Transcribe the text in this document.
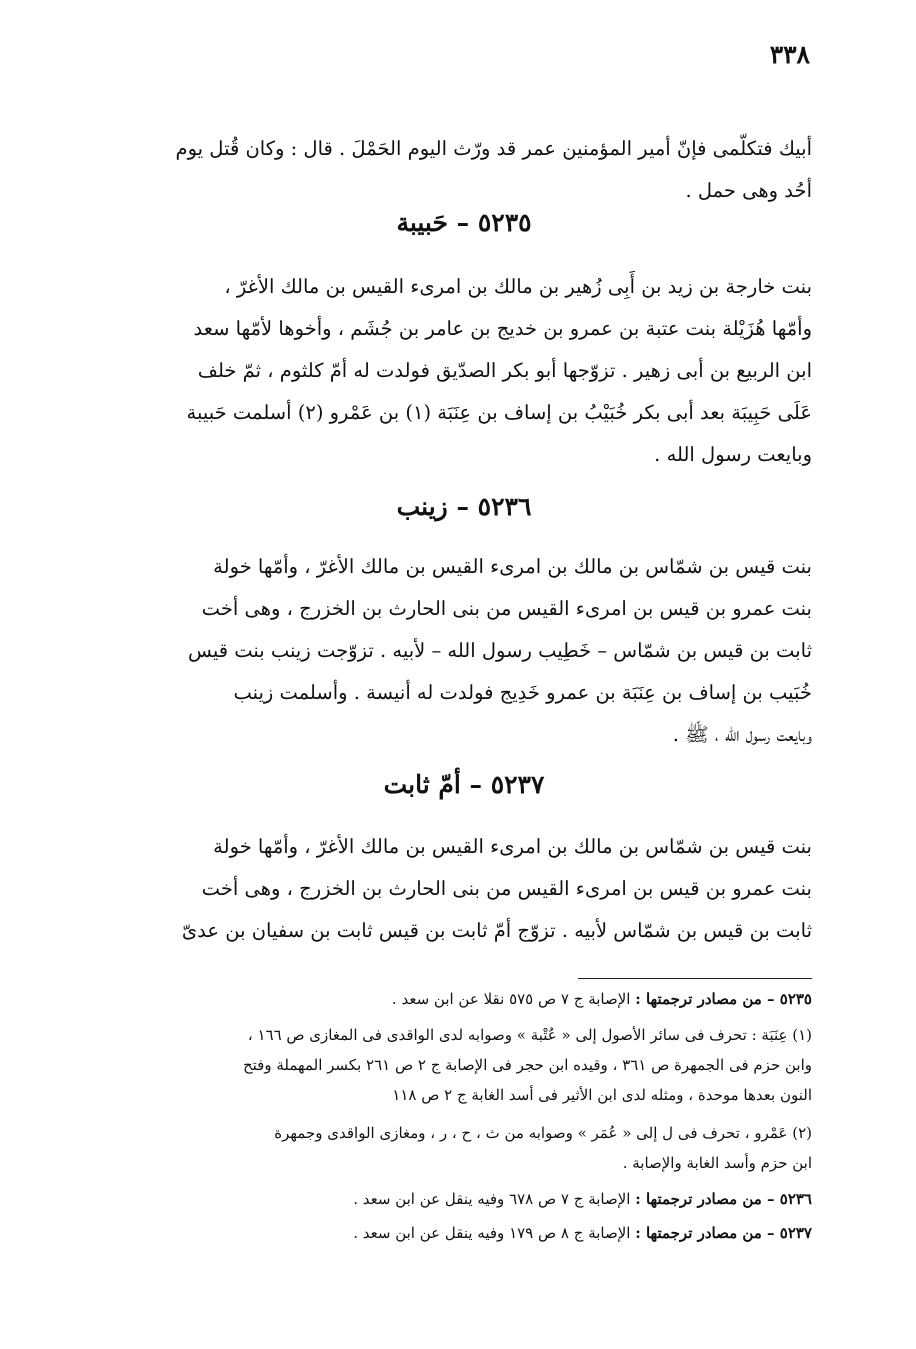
٣٣٨

أبيك فتكلّمى فإنّ أمير المؤمنين عمر قد ورّث اليوم الحَمْلَ . قال : وكان قُتل يوم
أحُد وهى حمل .

٥٢٣٥ – حَبيبة

بنت خارجة بن زيد بن أَبِى زُهير بن مالك بن امرىء القيس بن مالك الأغرّ ،
وأمّها هُزَيْلة بنت عتبة بن عمرو بن خديج بن عامر بن جُشَم ، وأخوها لأمّها سعد
ابن الربيع بن أبى زهير . تزوّجها أبو بكر الصدّيق فولدت له أمّ كلثوم ، ثمّ خلف
عَلَى حَبِيبَة بعد أبى بكر خُبَيْبُ بن إساف بن عِنَبَة (١) بن عَمْرو (٢) أسلمت حَبيبة
وبايعت رسول الله .

٥٢٣٦ – زينب

بنت قيس بن شمّاس بن مالك بن امرىء القيس بن مالك الأغرّ ، وأمّها خولة
بنت عمرو بن قيس بن امرىء القيس من بنى الحارث بن الخزرج ، وهى أخت
ثابت بن قيس بن شمّاس – خَطِيب رسول الله – لأبيه . تزوّجت زينب بنت قيس
خُبَيب بن إساف بن عِنَبَة بن عمرو خَدِيج فولدت له أنيسة . وأسلمت زينب
وبايعت رسول الله ، ﷺ .

٥٢٣٧ – أمّ ثابت

بنت قيس بن شمّاس بن مالك بن امرىء القيس بن مالك الأغرّ ، وأمّها خولة
بنت عمرو بن قيس بن امرىء القيس من بنى الحارث بن الخزرج ، وهى أخت
ثابت بن قيس بن شمّاس لأبيه . تزوّج أمّ ثابت بن قيس ثابت بن سفيان بن عدىّ

٥٢٣٥ – من مصادر ترجمتها : الإصابة ج ٧ ص ٥٧٥ نقلا عن ابن سعد .
(١) عِنَبَة : تحرف فى سائر الأصول إلى « عُتْبة » وصوابه لدى الواقدى فى المغازى ص ١٦٦ ،
وابن حزم فى الجمهرة ص ٣٦١ ، وقيده ابن حجر فى الإصابة ج ٢ ص ٢٦١ بكسر المهملة وفتح
النون بعدها موحدة ، ومثله لدى ابن الأثير فى أسد الغابة ج ٢ ص ١١٨
(٢) عَمْرو ، تحرف فى ل إلى « عُمَر » وصوابه من ث ، ح ، ر ، ومغازى الواقدى وجمهرة
ابن حزم وأسد الغابة والإصابة .
٥٢٣٦ – من مصادر ترجمتها : الإصابة ج ٧ ص ٦٧٨ وفيه ينقل عن ابن سعد .
٥٢٣٧ – من مصادر ترجمتها : الإصابة ج ٨ ص ١٧٩ وفيه ينقل عن ابن سعد .
